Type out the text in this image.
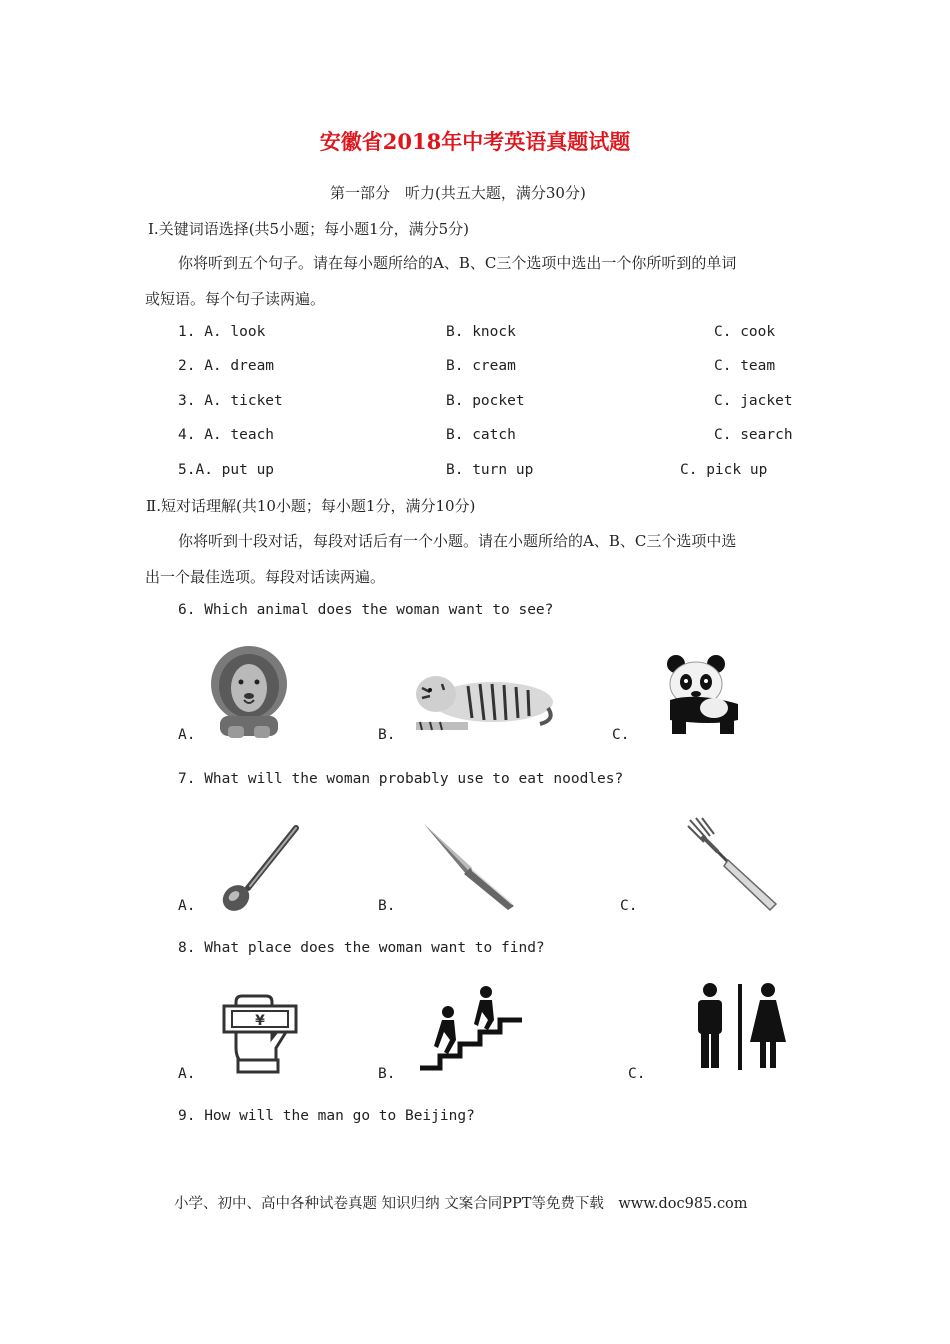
安徽省2018年中考英语真题试题
第一部分　听力(共五大题，满分30分)
Ⅰ.关键词语选择(共5小题；每小题1分，满分5分)
你将听到五个句子。请在每小题所给的A、B、C三个选项中选出一个你所听到的单词
或短语。每个句子读两遍。
1. A. look	B. knock	C. cook
2. A. dream	B. cream	C. team
3. A. ticket	B. pocket	C. jacket
4. A. teach	B. catch	C. search
5.A. put up	B. turn up	C. pick up
Ⅱ.短对话理解(共10小题；每小题1分，满分10分)
你将听到十段对话，每段对话后有一个小题。请在小题所给的A、B、C三个选项中选
出一个最佳选项。每段对话读两遍。
6. Which animal does the woman want to see?
A.	B.	C.
7. What will the woman probably use to eat noodles?
A.	B.	C.
8. What place does the woman want to find?
A.	B.	C.
¥
9. How will the man go to Beijing?
小学、初中、高中各种试卷真题 知识归纳 文案合同PPT等免费下载　www.doc985.com
